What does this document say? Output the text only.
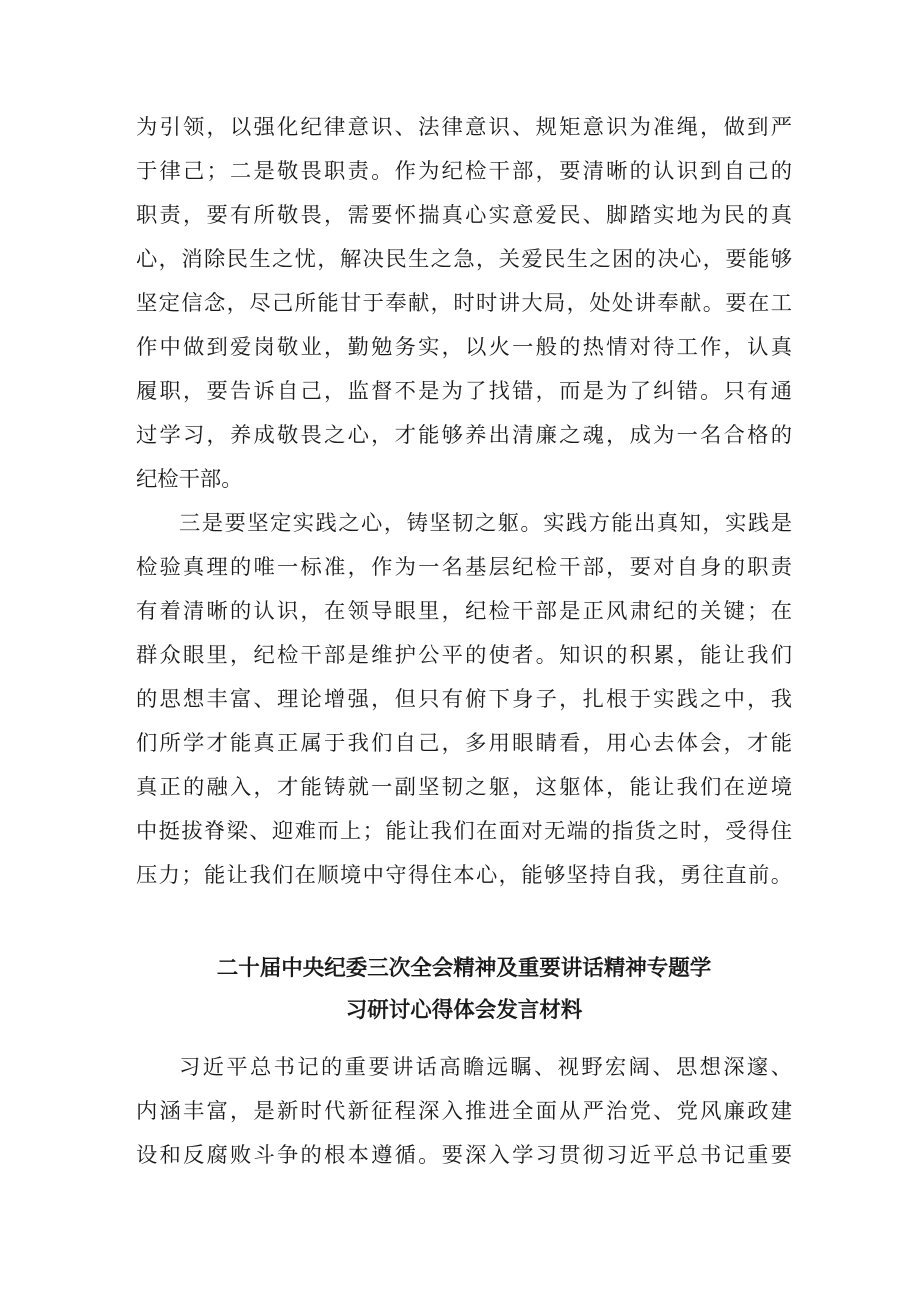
为引领，以强化纪律意识、法律意识、规矩意识为准绳，做到严
于律己；二是敬畏职责。作为纪检干部，要清晰的认识到自己的
职责，要有所敬畏，需要怀揣真心实意爱民、脚踏实地为民的真
心，消除民生之忧，解决民生之急，关爱民生之困的决心，要能够
坚定信念，尽己所能甘于奉献，时时讲大局，处处讲奉献。要在工
作中做到爱岗敬业，勤勉务实，以火一般的热情对待工作，认真
履职，要告诉自己，监督不是为了找错，而是为了纠错。只有通
过学习，养成敬畏之心，才能够养出清廉之魂，成为一名合格的
纪检干部。
三是要坚定实践之心，铸坚韧之躯。实践方能出真知，实践是
检验真理的唯一标准，作为一名基层纪检干部，要对自身的职责
有着清晰的认识，在领导眼里，纪检干部是正风肃纪的关键；在
群众眼里，纪检干部是维护公平的使者。知识的积累，能让我们
的思想丰富、理论增强，但只有俯下身子，扎根于实践之中，我
们所学才能真正属于我们自己，多用眼睛看，用心去体会，才能
真正的融入，才能铸就一副坚韧之躯，这躯体，能让我们在逆境
中挺拔脊梁、迎难而上；能让我们在面对无端的指货之时，受得住
压力；能让我们在顺境中守得住本心，能够坚持自我，勇往直前。
二十届中央纪委三次全会精神及重要讲话精神专题学
习研讨心得体会发言材料
习近平总书记的重要讲话高瞻远瞩、视野宏阔、思想深邃、
内涵丰富，是新时代新征程深入推进全面从严治党、党风廉政建
设和反腐败斗争的根本遵循。要深入学习贯彻习近平总书记重要
